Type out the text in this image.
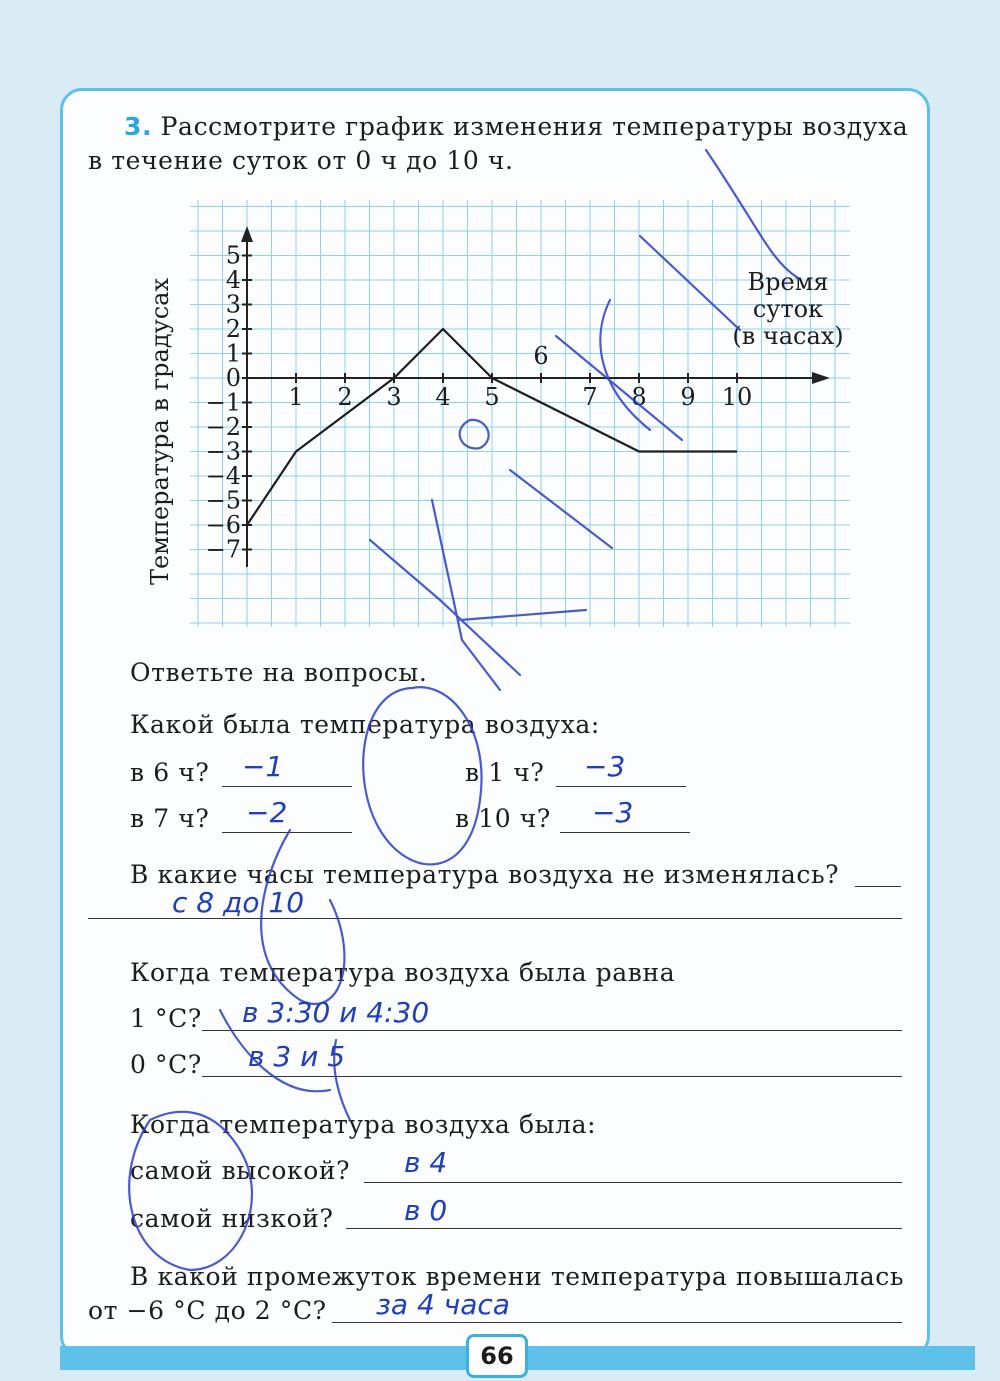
3. Рассмотрите график изменения температуры воздуха
в течение суток от 0 ч до 10 ч.
1 2 3 4 5
6
7 8 9 10
5
4
3
2
1
0
−1
−2
−3
−4
−5
−6
−7
Температура в градусах	Время
суток
(в часах)
Ответьте на вопросы.
Какой была температура воздуха:
в 6 ч? −1	в 1 ч? −3
в 7 ч? −2	в 10 ч? −3
В какие часы температура воздуха не изменялась?
с 8 до 10
Когда температура воздуха была равна
1 °С? в 3:30 и 4:30
0 °С? в 3 и 5
Когда температура воздуха была:
самой высокой? в 4
самой низкой?	в 0
В какой промежуток времени температура повышалась
от −6 °С до 2 °С? за 4 часа
66
